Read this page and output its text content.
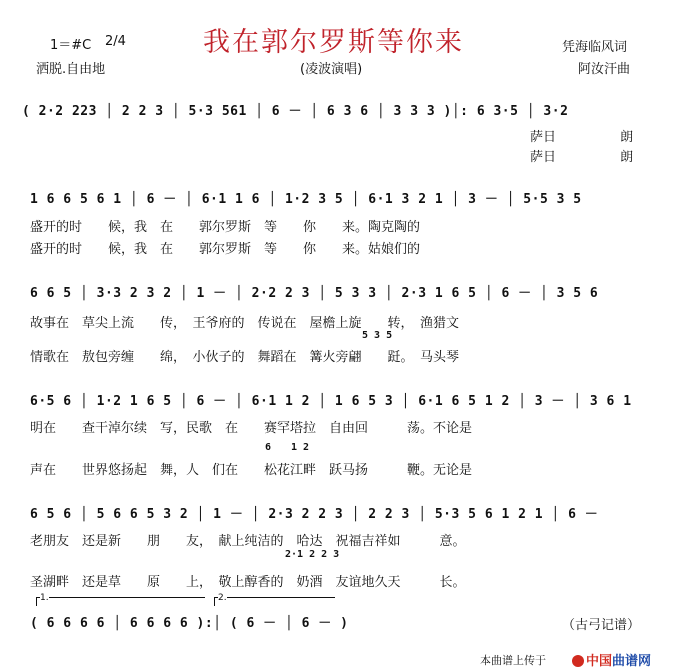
1＝#C 2/4
洒脱.自由地
我在郭尔罗斯等你来
(凌波演唱)
凭海临风词
阿汝汗曲
( 2·2 223 │ 2 2 3 │ 5·3 561 │ 6 － │ 6 3 6 │ 3 3 3 )│: 6 3·5 │ 3·2
萨日 朗
萨日 朗
1 6 6 5 6 1 │ 6 － │ 6·1 1 6 │ 1·2 3 5 │ 6·1 3 2 1 │ 3 － │ 5·5 3 5
盛开的时　　候，我　在　　郭尔罗斯　等　　你　　来。陶克陶的
盛开的时　　候，我　在　　郭尔罗斯　等　　你　　来。姑娘们的
6 6 5 │ 3·3 2 3 2 │ 1 － │ 2·2 2 3 │ 5 3 3 │ 2·3 1 6 5 │ 6 － │ 3 5 6
故事在　草尖上流　　传，　王爷府的　传说在　屋檐上旋　　转，　渔猎文
5 3 5
情歌在　敖包旁缠　　绵，　小伙子的　舞蹈在　篝火旁翩　　跹。　马头琴
6·5 6 │ 1·2 1 6 5 │ 6 － │ 6·1 1 2 │ 1 6 5 3 │ 6·1 6 5 1 2 │ 3 － │ 3 6 1
明在　　查干淖尔续　写，民歌　在　　赛罕塔拉　自由回　　　荡。不论是
6　　1 2
声在　　世界悠扬起　舞，人　们在　　松花江畔　跃马扬　　　鞭。无论是
6 5 6 │ 5 6 6 5 3 2 │ 1 － │ 2·3 2 2 3 │ 2 2 3 │ 5·3 5 6 1 2 1 │ 6 －
老朋友　还是新　　朋　　友，　献上纯洁的　哈达　祝福吉祥如　　　意。
2·1 2 2 3
圣湖畔　还是草　　原　　上，　敬上醇香的　奶酒　友谊地久天　　　长。
1.	2.
( 6 6 6 6 │ 6 6 6 6 ):│ ( 6 － │ 6 － )	（古弓记谱）
本曲谱上传于	中国曲谱网
